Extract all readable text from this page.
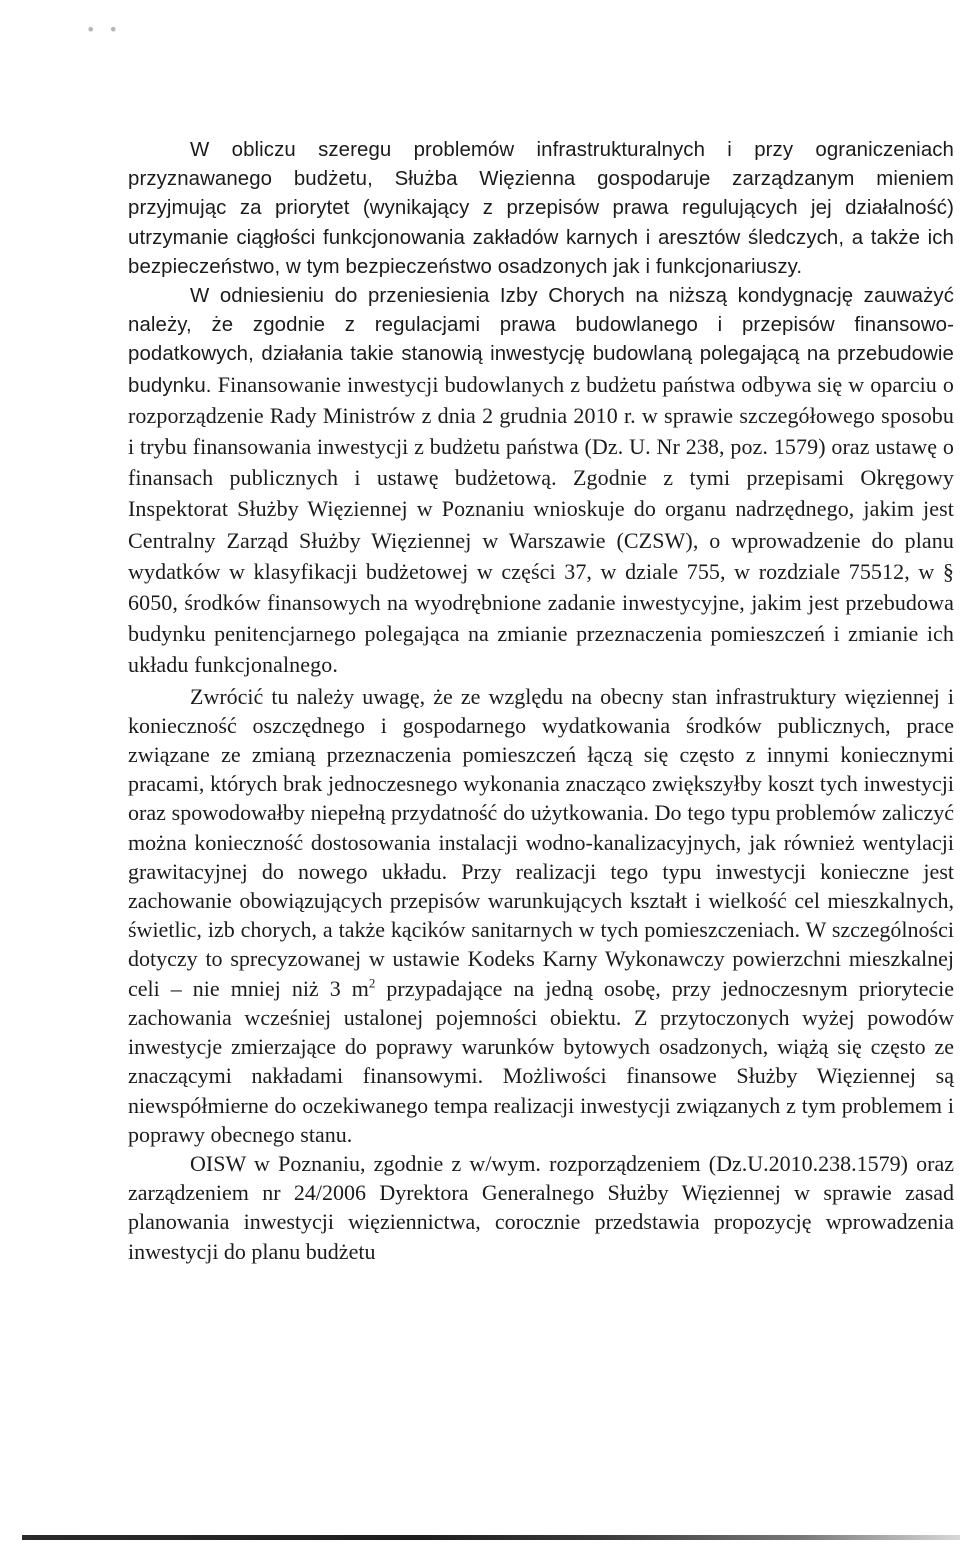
• •

W obliczu szeregu problemów infrastrukturalnych i przy ograniczeniach przyznawanego budżetu, Służba Więzienna gospodaruje zarządzanym mieniem przyjmując za priorytet (wynikający z przepisów prawa regulujących jej działalność) utrzymanie ciągłości funkcjonowania zakładów karnych i aresztów śledczych, a także ich bezpieczeństwo, w tym bezpieczeństwo osadzonych jak i funkcjonariuszy.

W odniesieniu do przeniesienia Izby Chorych na niższą kondygnację zauważyć należy, że zgodnie z regulacjami prawa budowlanego i przepisów finansowo-podatkowych, działania takie stanowią inwestycję budowlaną polegającą na przebudowie budynku. Finansowanie inwestycji budowlanych z budżetu państwa odbywa się w oparciu o rozporządzenie Rady Ministrów z dnia 2 grudnia 2010 r. w sprawie szczegółowego sposobu i trybu finansowania inwestycji z budżetu państwa (Dz. U. Nr 238, poz. 1579) oraz ustawę o finansach publicznych i ustawę budżetową. Zgodnie z tymi przepisami Okręgowy Inspektorat Służby Więziennej w Poznaniu wnioskuje do organu nadrzędnego, jakim jest Centralny Zarząd Służby Więziennej w Warszawie (CZSW), o wprowadzenie do planu wydatków w klasyfikacji budżetowej w części 37, w dziale 755, w rozdziale 75512, w § 6050, środków finansowych na wyodrębnione zadanie inwestycyjne, jakim jest przebudowa budynku penitencjarnego polegająca na zmianie przeznaczenia pomieszczeń i zmianie ich układu funkcjonalnego.

Zwrócić tu należy uwagę, że ze względu na obecny stan infrastruktury więziennej i konieczność oszczędnego i gospodarnego wydatkowania środków publicznych, prace związane ze zmianą przeznaczenia pomieszczeń łączą się często z innymi koniecznymi pracami, których brak jednoczesnego wykonania znacząco zwiększyłby koszt tych inwestycji oraz spowodowałby niepełną przydatność do użytkowania. Do tego typu problemów zaliczyć można konieczność dostosowania instalacji wodno-kanalizacyjnych, jak również wentylacji grawitacyjnej do nowego układu. Przy realizacji tego typu inwestycji konieczne jest zachowanie obowiązujących przepisów warunkujących kształt i wielkość cel mieszkalnych, świetlic, izb chorych, a także kącików sanitarnych w tych pomieszczeniach. W szczególności dotyczy to sprecyzowanej w ustawie Kodeks Karny Wykonawczy powierzchni mieszkalnej celi – nie mniej niż 3 $m^2$ przypadające na jedną osobę, przy jednoczesnym priorytecie zachowania wcześniej ustalonej pojemności obiektu. Z przytoczonych wyżej powodów inwestycje zmierzające do poprawy warunków bytowych osadzonych, wiążą się często ze znaczącymi nakładami finansowymi. Możliwości finansowe Służby Więziennej są niewspółmierne do oczekiwanego tempa realizacji inwestycji związanych z tym problemem i poprawy obecnego stanu.

OISW w Poznaniu, zgodnie z w/wym. rozporządzeniem (Dz.U.2010.238.1579) oraz zarządzeniem nr 24/2006 Dyrektora Generalnego Służby Więziennej w sprawie zasad planowania inwestycji więziennictwa, corocznie przedstawia propozycję wprowadzenia inwestycji do planu budżetu
